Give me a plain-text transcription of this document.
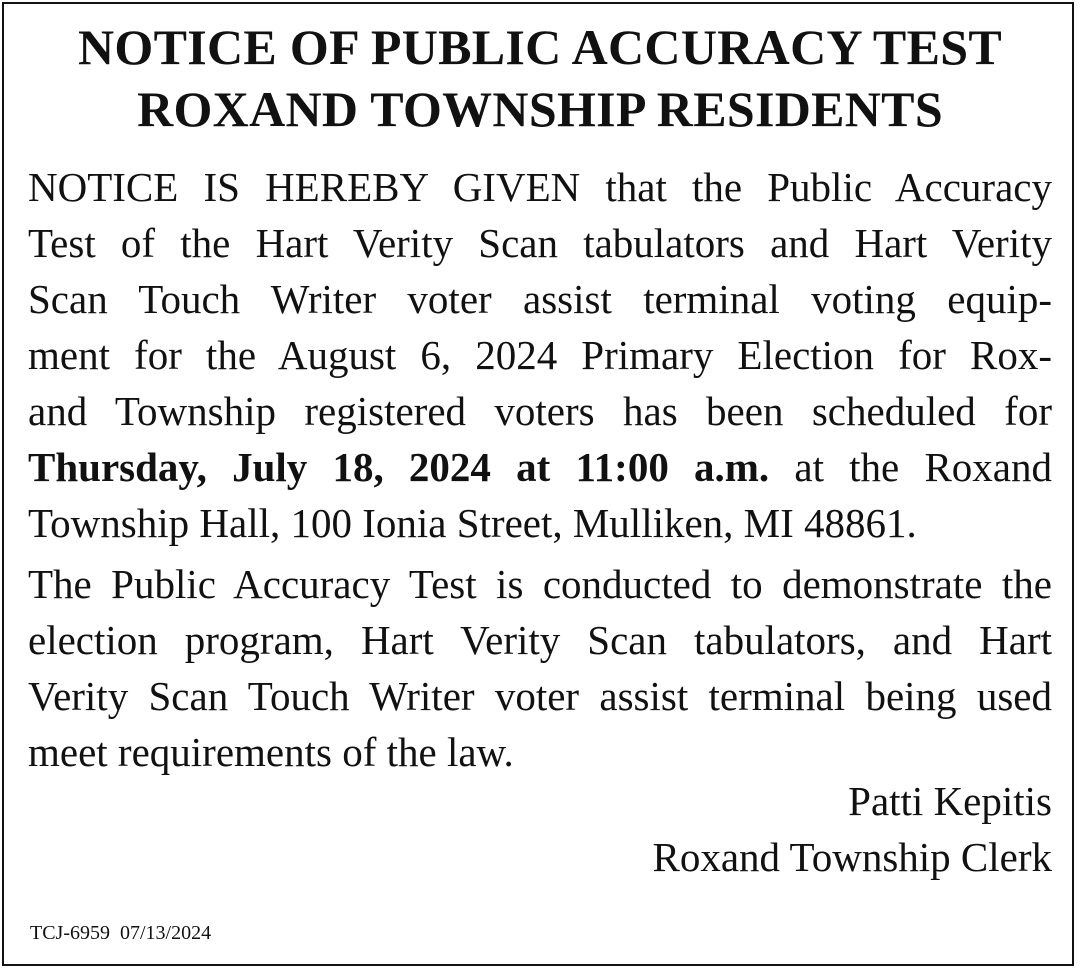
NOTICE OF PUBLIC ACCURACY TEST
ROXAND TOWNSHIP RESIDENTS
NOTICE IS HEREBY GIVEN that the Public Accuracy
Test of the Hart Verity Scan tabulators and Hart Verity
Scan Touch Writer voter assist terminal voting equip-
ment for the August 6, 2024 Primary Election for Rox-
and Township registered voters has been scheduled for
Thursday, July 18, 2024 at 11:00 a.m. at the Roxand
Township Hall, 100 Ionia Street, Mulliken, MI 48861.
The Public Accuracy Test is conducted to demonstrate the
election program, Hart Verity Scan tabulators, and Hart
Verity Scan Touch Writer voter assist terminal being used
meet requirements of the law.
Patti Kepitis
Roxand Township Clerk
TCJ-6959 07/13/2024
